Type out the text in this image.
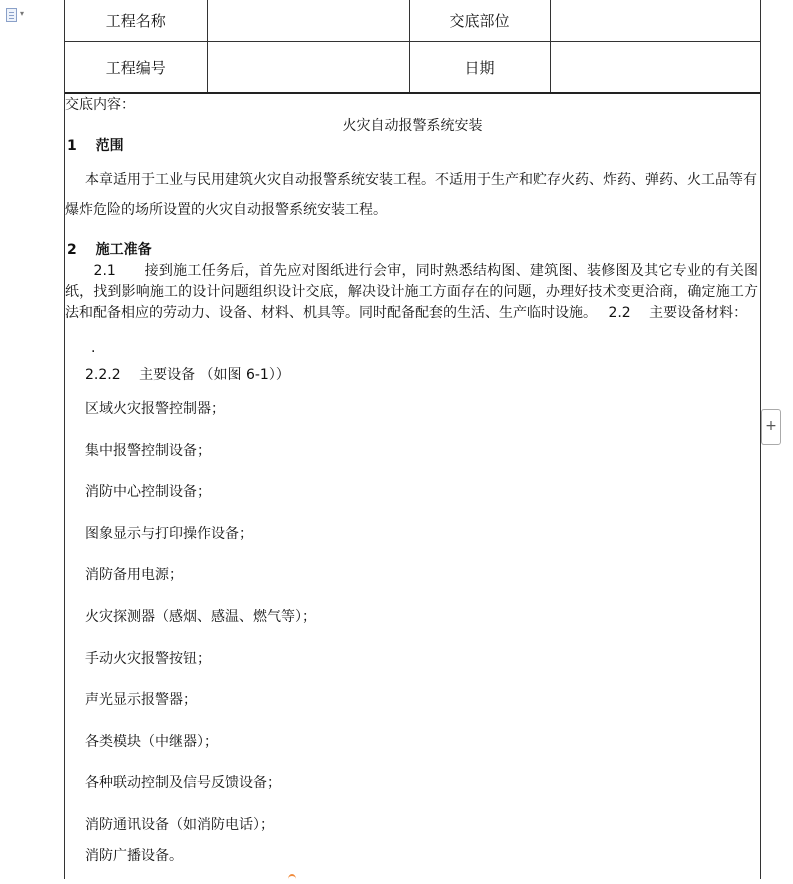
▾	工程名称		交底部位	
工程编号		日期	
交底内容：
火灾自动报警系统安装
1　 范围
本章适用于工业与民用建筑火灾自动报警系统安装工程。不适用于生产和贮存火药、炸药、弹药、火工品等有爆炸危险的场所设置的火灾自动报警系统安装工程。
2　 施工准备
　　2.1　　接到施工任务后，首先应对图纸进行会审，同时熟悉结构图、建筑图、装修图及其它专业的有关图纸，找到影响施工的设计问题组织设计交底，解决设计施工方面存在的问题，办理好技术变更洽商，确定施工方法和配备相应的劳动力、设备、材料、机具等。同时配备配套的生活、生产临时设施。　 2.2　 主要设备材料：
·
2.2.2　 主要设备 （如图 6-1））
区域火灾报警控制器；
集中报警控制设备；
消防中心控制设备；
图象显示与打印操作设备；
消防备用电源；
火灾探测器（感烟、感温、燃气等）；
手动火灾报警按钮；
声光显示报警器；
各类模块（中继器）；
各种联动控制及信号反馈设备；
消防通讯设备（如消防电话）；
消防广播设备。
+
